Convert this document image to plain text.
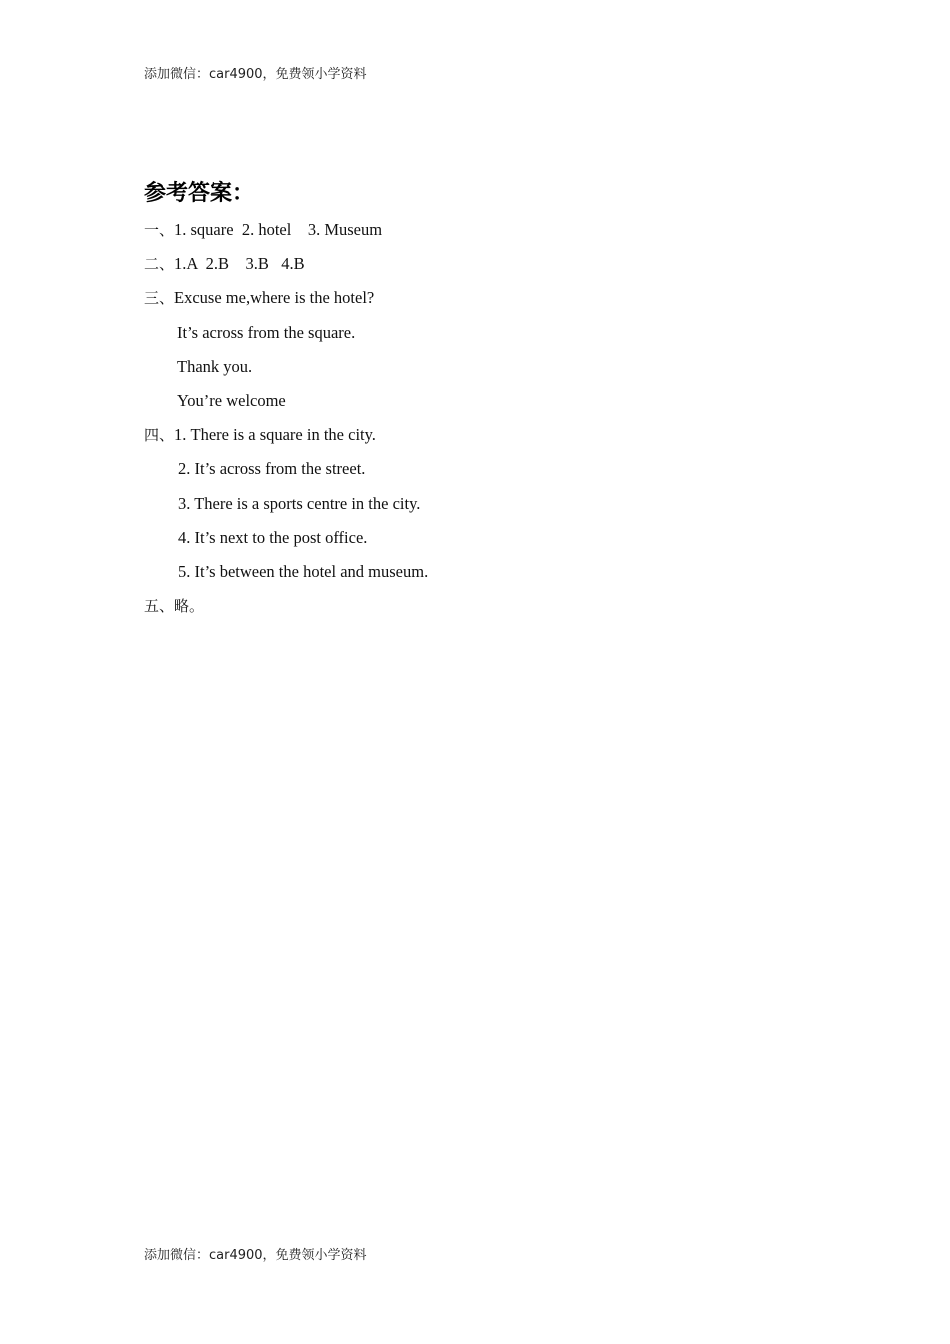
添加微信：car4900，免费领小学资料
参考答案：
一、1. square  2. hotel    3. Museum
二、1.A  2.B    3.B   4.B
三、Excuse me,where is the hotel?
It’s across from the square.
Thank you.
You’re welcome
四、1. There is a square in the city.
2. It’s across from the street.
3. There is a sports centre in the city.
4. It’s next to the post office.
5. It’s between the hotel and museum.
五、略。
添加微信：car4900，免费领小学资料
